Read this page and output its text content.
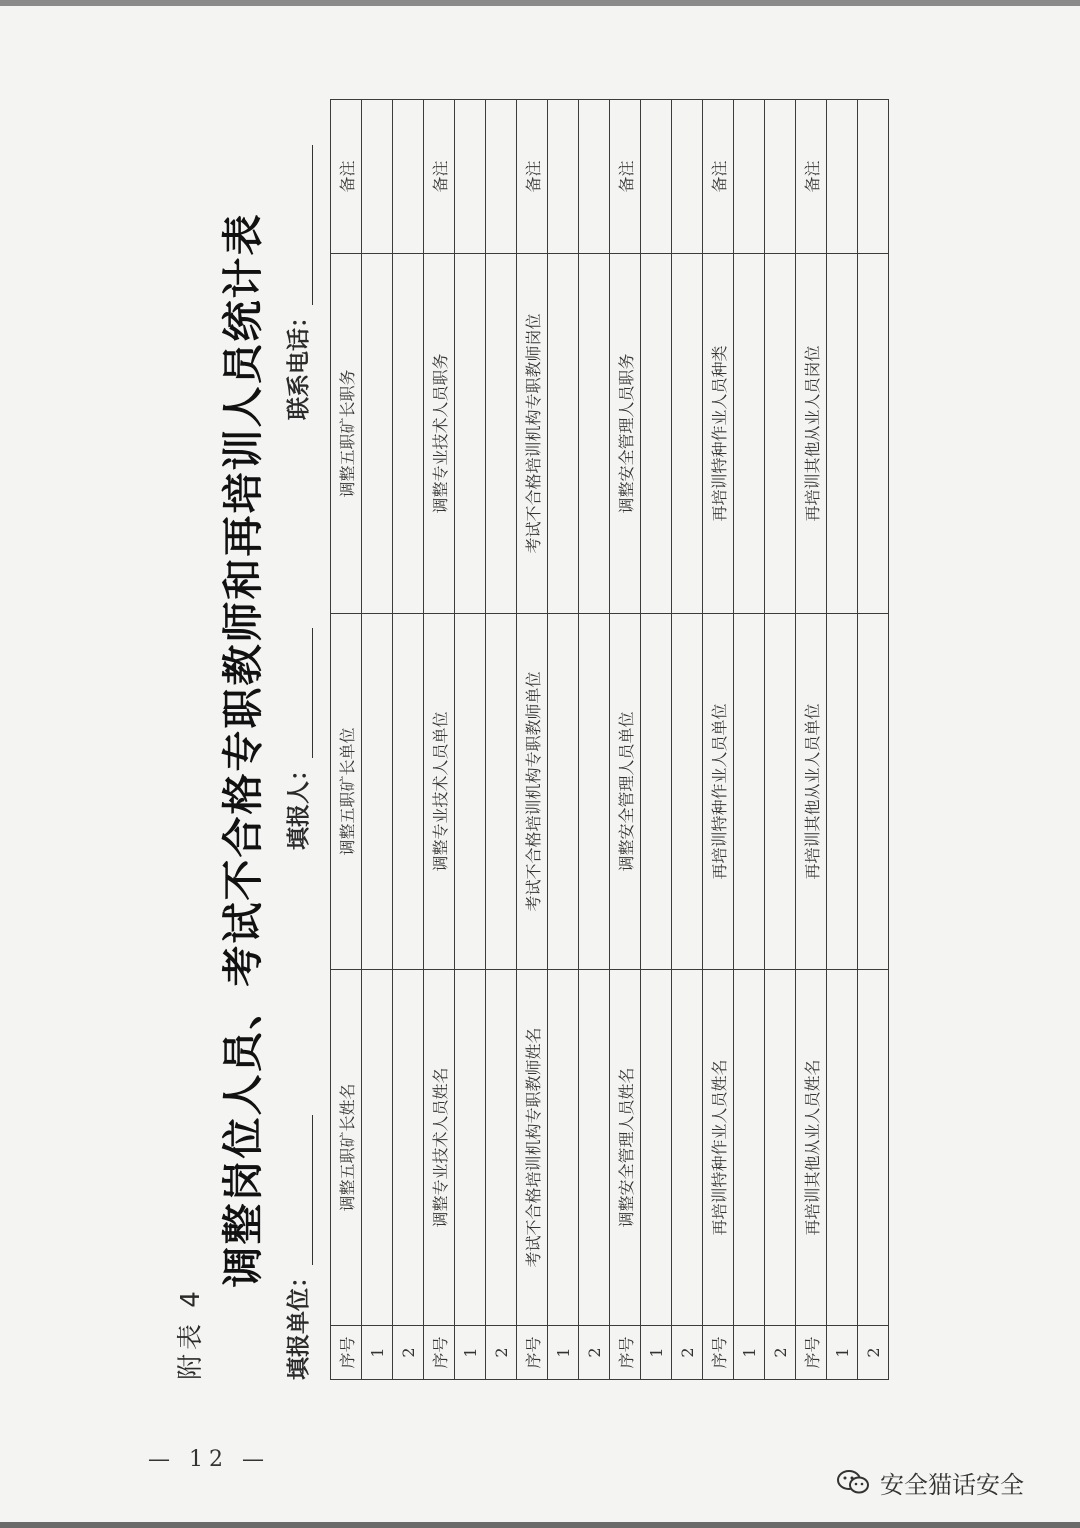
附表 4
调整岗位人员、考试不合格专职教师和再培训人员统计表
填报单位：
填报人：
联系电话：
序号	调整五职矿长姓名	调整五职矿长单位	调整五职矿长职务	备注
1				
2				
序号	调整专业技术人员姓名	调整专业技术人员单位	调整专业技术人员职务	备注
1				
2				
序号	考试不合格培训机构专职教师姓名	考试不合格培训机构专职教师单位	考试不合格培训机构专职教师岗位	备注
1				
2				
序号	调整安全管理人员姓名	调整安全管理人员单位	调整安全管理人员职务	备注
1				
2				
序号	再培训特种作业人员姓名	再培训特种作业人员单位	再培训特种作业人员种类	备注
1				
2				
序号	再培训其他从业人员姓名	再培训其他从业人员单位	再培训其他从业人员岗位	备注
1				
2				
— 12 —
安全猫话安全
